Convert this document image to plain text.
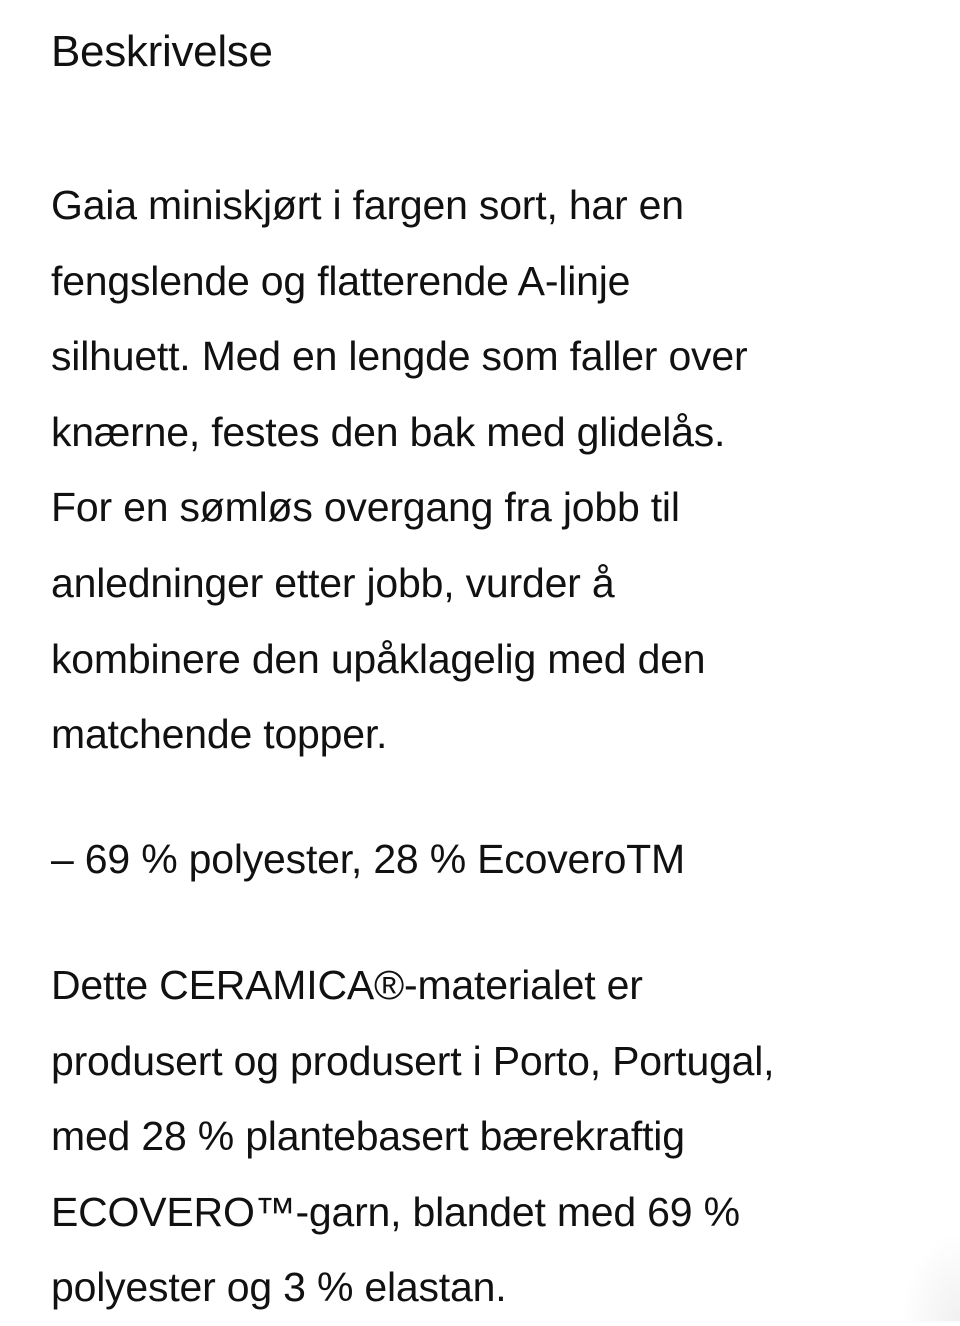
Beskrivelse

Gaia miniskjørt i fargen sort, har en
fengslende og flatterende A-linje
silhuett. Med en lengde som faller over
knærne, festes den bak med glidelås.
For en sømløs overgang fra jobb til
anledninger etter jobb, vurder å
kombinere den upåklagelig med den
matchende topper.

– 69 % polyester, 28 % EcoveroTM

Dette CERAMICA®-materialet er
produsert og produsert i Porto, Portugal,
med 28 % plantebasert bærekraftig
ECOVERO™-garn, blandet med 69 %
polyester og 3 % elastan.
